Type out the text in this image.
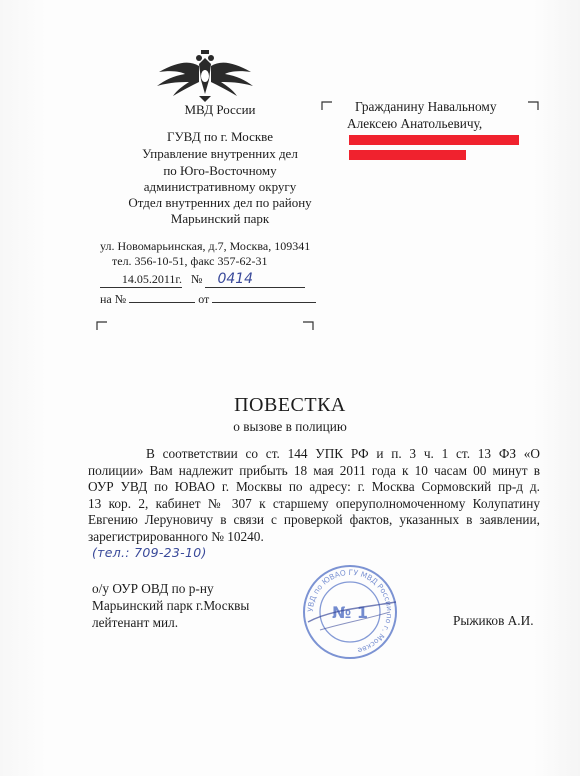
МВД России
ГУВД по г. Москве
Управление внутренних дел
по Юго-Восточному
административному округу
Отдел внутренних дел по району
Марьинский парк
ул. Новомарьинская, д.7, Москва, 109341
тел. 356-10-51, факс 357-62-31
14.05.2011г. № 0414
на №	от
Гражданину Навальному
Алексею Анатольевичу,
ПОВЕСТКА
о вызове в полицию
В соответствии со ст. 144 УПК РФ и п. 3 ч. 1 ст. 13 ФЗ «О
полиции» Вам надлежит прибыть 18 мая 2011 года к 10 часам 00 минут в
ОУР УВД по ЮВАО г. Москвы по адресу: г. Москва Сормовский пр-д д.
13 кор. 2, кабинет № 307 к старшему оперуполномоченному Колупатину
Евгению Леруновичу в связи с проверкой фактов, указанных в заявлении,
зарегистрированного № 10240.
(тел.: 709-23-10)
о/у ОУР ОВД по р-ну
Марьинский парк г.Москвы
лейтенант мил.	Рыжиков А.И.
УВД по ЮВАО ГУ МВД России по г. Москве
№ 1
